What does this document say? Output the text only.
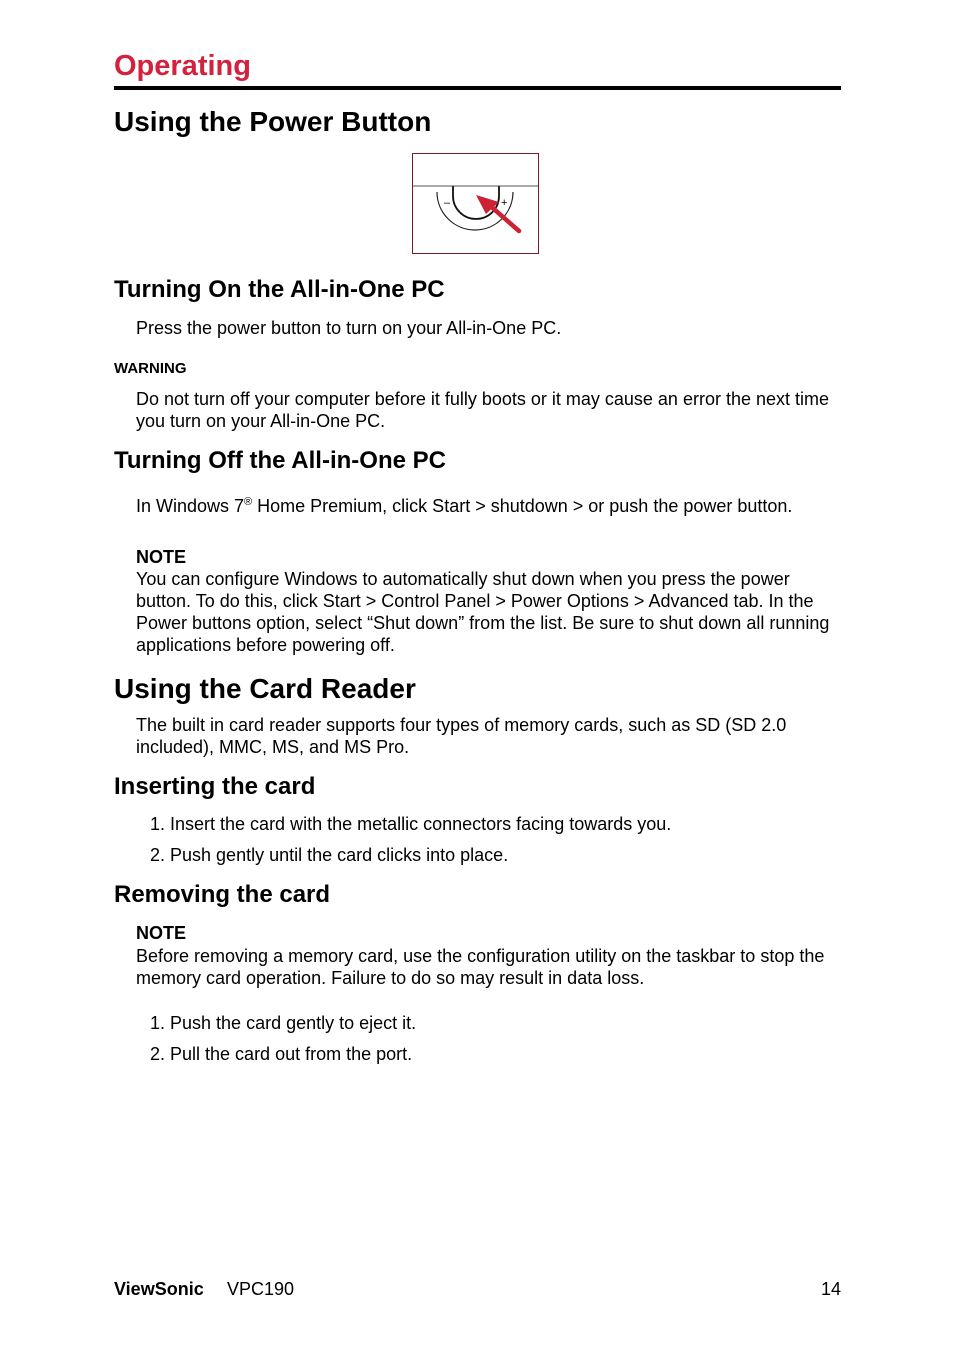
Operating
Using the Power Button
–	+
Turning On the All-in-One PC

Press the power button to turn on your All-in-One PC.

WARNING

Do not turn off your computer before it fully boots or it may cause an error the next time you turn on your All-in-One PC.

Turning Off the All-in-One PC

In Windows 7® Home Premium, click Start > shutdown > or push the power button.

NOTE

You can configure Windows to automatically shut down when you press the power button. To do this, click Start > Control Panel > Power Options > Advanced tab. In the Power buttons option, select “Shut down” from the list. Be sure to shut down all running applications before powering off.

Using the Card Reader

The built in card reader supports four types of memory cards, such as SD (SD 2.0 included), MMC, MS, and MS Pro.

Inserting the card

1. Insert the card with the metallic connectors facing towards you.

2. Push gently until the card clicks into place.

Removing the card

NOTE

Before removing a memory card, use the configuration utility on the taskbar to stop the memory card operation. Failure to do so may result in data loss.

1. Push the card gently to eject it.

2. Pull the card out from the port.

ViewSonic VPC190	14
